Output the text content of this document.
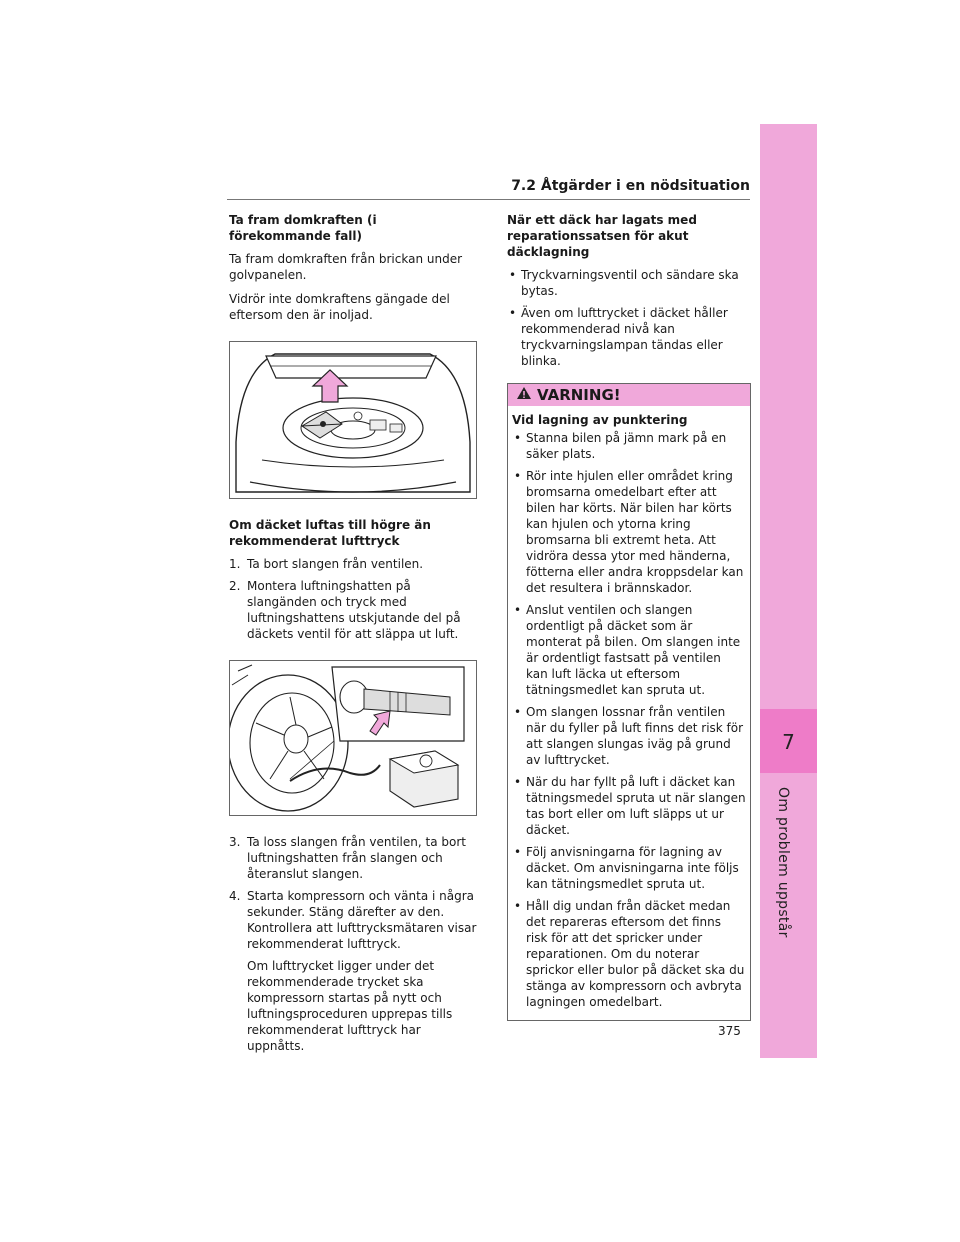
7
Om problem uppstår
7.2 Åtgärder i en nödsituation
Ta fram domkraften (i förekommande fall)

Ta fram domkraften från brickan under golvpanelen.

Vidrör inte domkraftens gängade del eftersom den är inoljad.

Om däcket luftas till högre än rekommenderat lufttryck
1. Ta bort slangen från ventilen.
2. Montera luftningshatten på slangänden och tryck med luftningshattens utskjutande del på däckets ventil för att släppa ut luft.
3. Ta loss slangen från ventilen, ta bort luftningshatten från slangen och återanslut slangen.
4. Starta kompressorn och vänta i några sekunder. Stäng därefter av den. Kontrollera att lufttrycksmätaren visar rekommenderat lufttryck.
Om lufttrycket ligger under det rekommenderade trycket ska kompressorn startas på nytt och luftningsproceduren upprepas tills rekommenderat lufttryck har uppnåtts.
När ett däck har lagats med reparationssatsen för akut däcklagning
• Tryckvarningsventil och sändare ska bytas.
• Även om lufttrycket i däcket håller rekommenderad nivå kan tryckvarningslampan tändas eller blinka.
VARNING!
Vid lagning av punktering
• Stanna bilen på jämn mark på en säker plats.
• Rör inte hjulen eller området kring bromsarna omedelbart efter att bilen har körts. När bilen har körts kan hjulen och ytorna kring bromsarna bli extremt heta. Att vidröra dessa ytor med händerna, fötterna eller andra kroppsdelar kan det resultera i brännskador.
• Anslut ventilen och slangen ordentligt på däcket som är monterat på bilen. Om slangen inte är ordentligt fastsatt på ventilen kan luft läcka ut eftersom tätningsmedlet kan spruta ut.
• Om slangen lossnar från ventilen när du fyller på luft finns det risk för att slangen slungas iväg på grund av lufttrycket.
• När du har fyllt på luft i däcket kan tätningsmedel spruta ut när slangen tas bort eller om luft släpps ut ur däcket.
• Följ anvisningarna för lagning av däcket. Om anvisningarna inte följs kan tätningsmedlet spruta ut.
• Håll dig undan från däcket medan det repareras eftersom det finns risk för att det spricker under reparationen. Om du noterar sprickor eller bulor på däcket ska du stänga av kompressorn och avbryta lagningen omedelbart.
375
